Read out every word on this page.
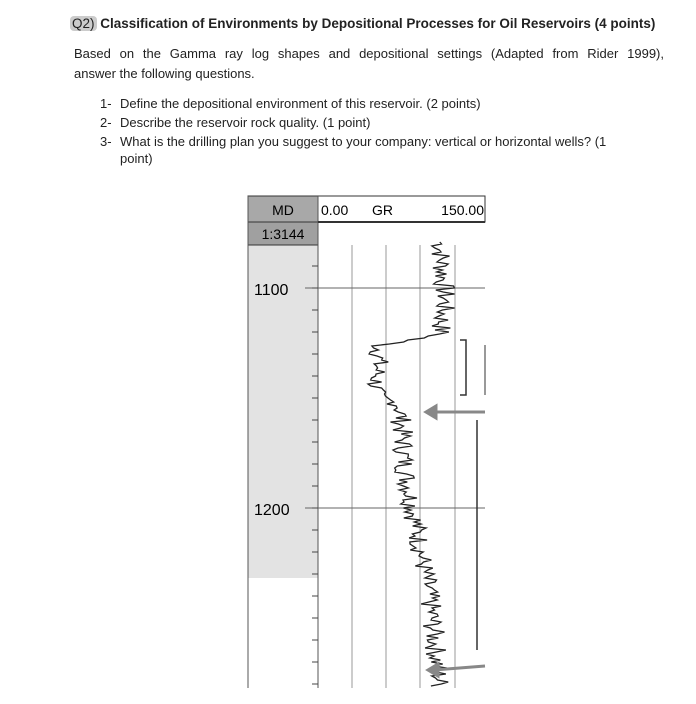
Q2) Classification of Environments by Depositional Processes for Oil Reservoirs (4 points)
Based on the Gamma ray log shapes and depositional settings (Adapted from Rider 1999),
answer the following questions.
1- Define the depositional environment of this reservoir. (2 points)
2- Describe the reservoir rock quality. (1 point)
3- What is the drilling plan you suggest to your company: vertical or horizontal wells? (1
point)
MD
1:3144
0.00 GR	150.00
1100
1200
